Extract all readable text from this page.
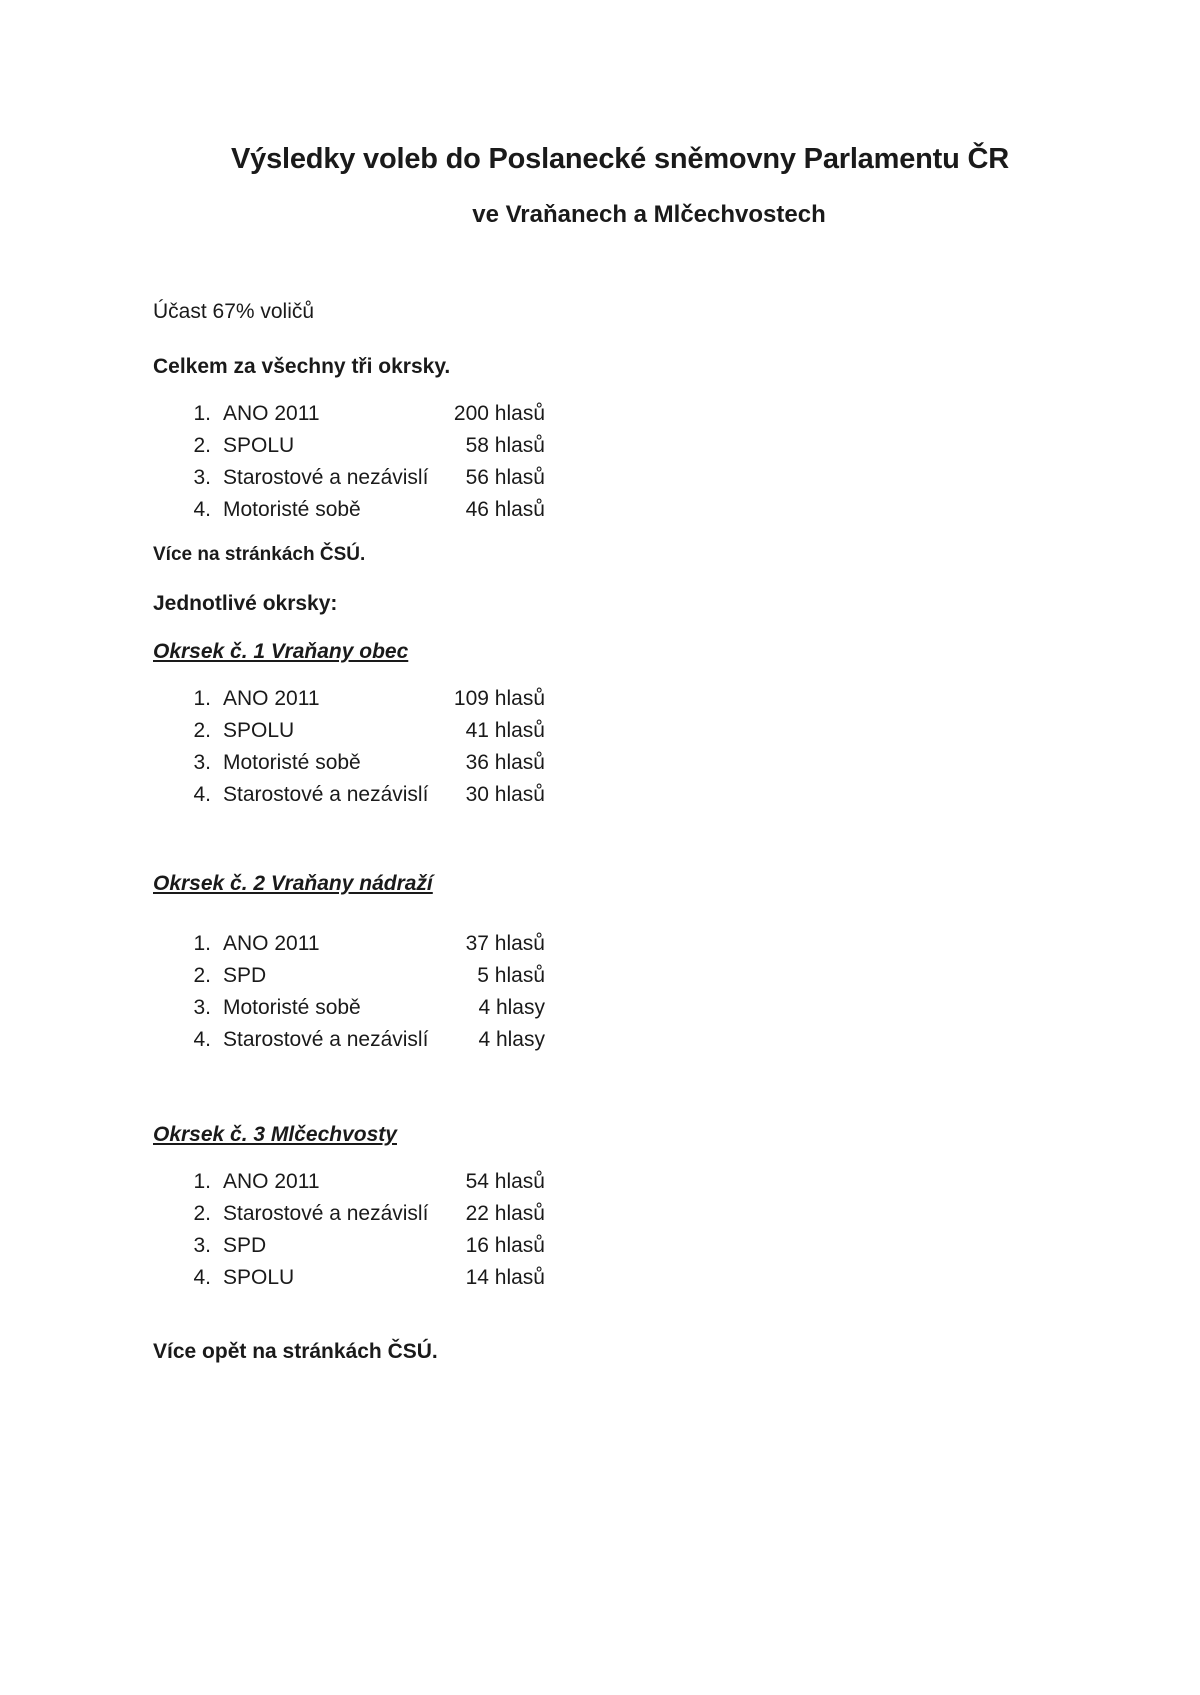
Výsledky voleb do Poslanecké sněmovny Parlamentu ČR
ve Vraňanech a Mlčechvostech

Účast 67% voličů

Celkem za všechny tři okrsky.

1. ANO 2011	200 hlasů
2. SPOLU	58 hlasů
3. Starostové a nezávislí 56 hlasů
4. Motoristé sobě	46 hlasů

Více na stránkách ČSÚ.

Jednotlivé okrsky:

Okrsek č. 1 Vraňany obec

1. ANO 2011	109 hlasů
2. SPOLU	41 hlasů
3. Motoristé sobě	36 hlasů
4. Starostové a nezávislí 30 hlasů

Okrsek č. 2 Vraňany nádraží

1. ANO 2011	37 hlasů
2. SPD	5 hlasů
3. Motoristé sobě	4 hlasy
4. Starostové a nezávislí 4 hlasy

Okrsek č. 3 Mlčechvosty

1. ANO 2011	54 hlasů
2. Starostové a nezávislí 22 hlasů
3. SPD	16 hlasů
4. SPOLU	14 hlasů

Více opět na stránkách ČSÚ.
